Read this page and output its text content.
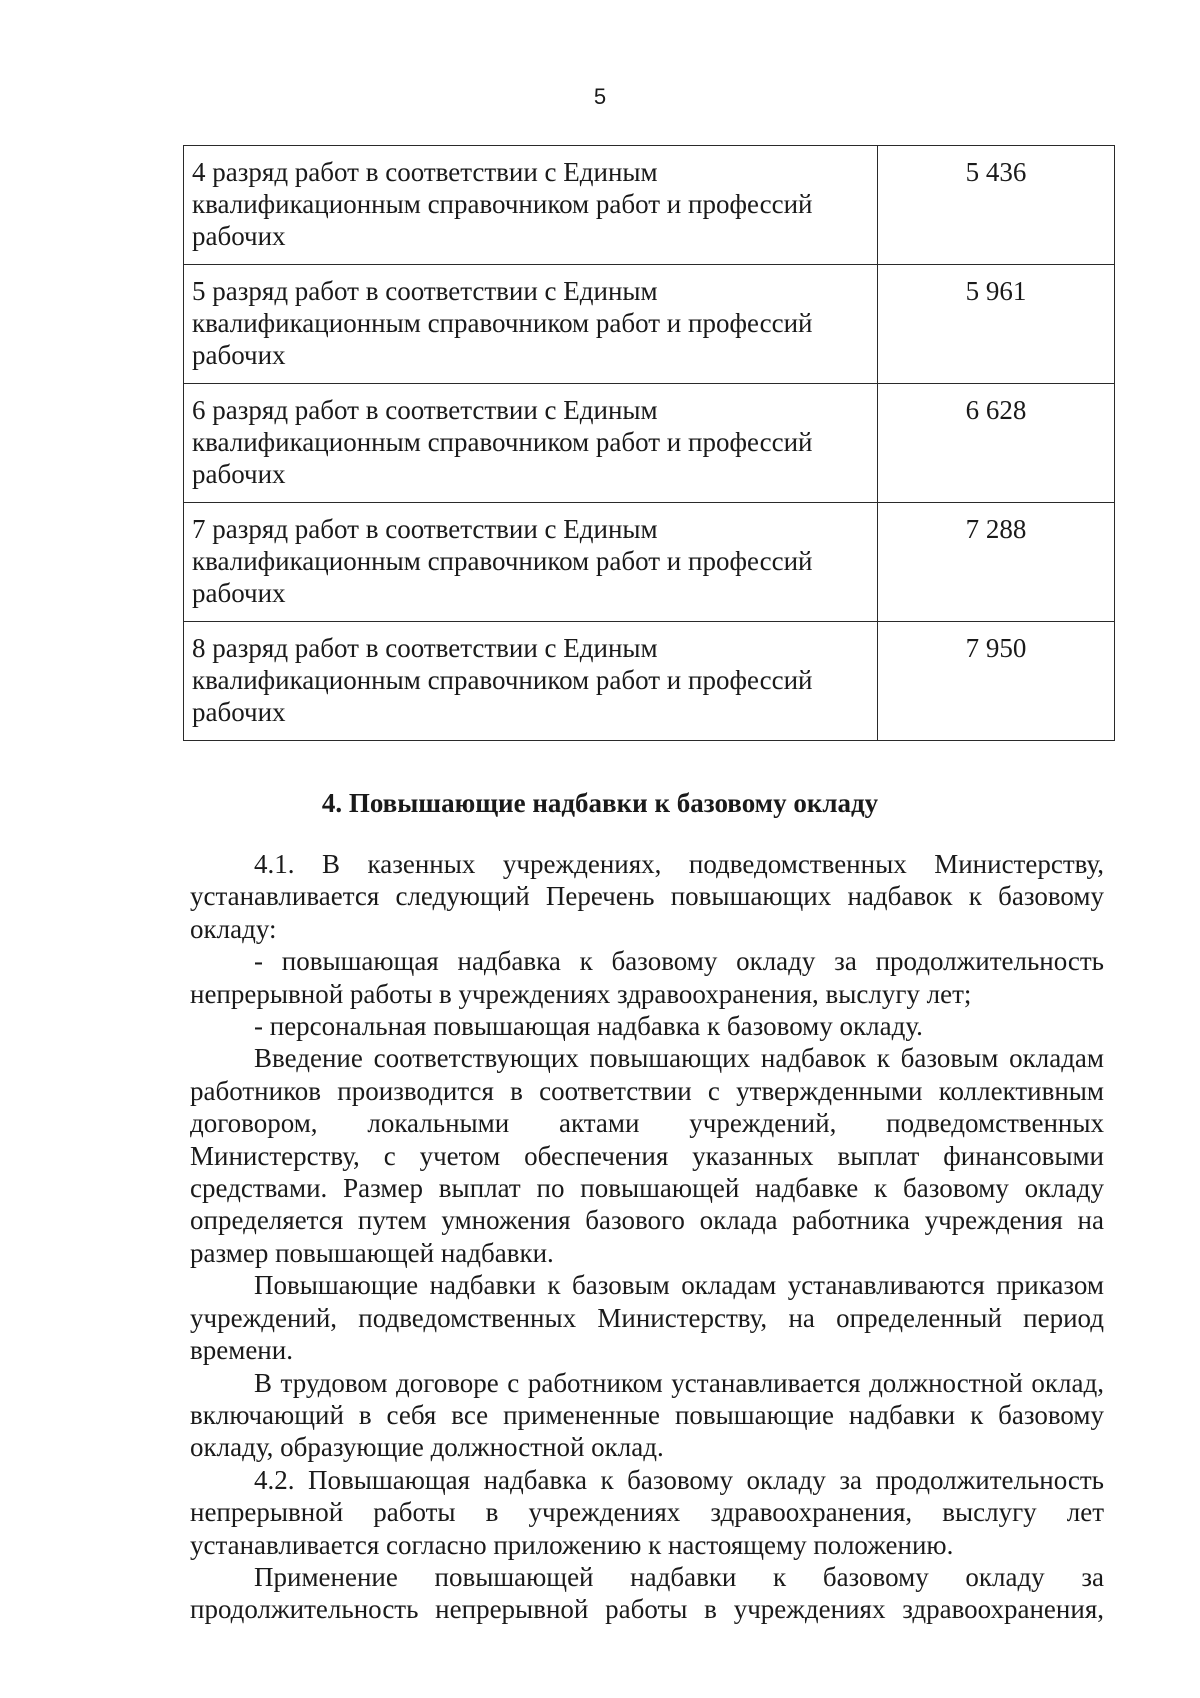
5
4 разряд работ в соответствии с Единым квалификационным справочником работ и профессий рабочих	5 436
5 разряд работ в соответствии с Единым квалификационным справочником работ и профессий рабочих	5 961
6 разряд работ в соответствии с Единым квалификационным справочником работ и профессий рабочих	6 628
7 разряд работ в соответствии с Единым квалификационным справочником работ и профессий рабочих	7 288
8 разряд работ в соответствии с Единым квалификационным справочником работ и профессий рабочих	7 950
4. Повышающие надбавки к базовому окладу

4.1. В казенных учреждениях, подведомственных Министерству, устанавливается следующий Перечень повышающих надбавок к базовому окладу:

- повышающая надбавка к базовому окладу за продолжительность непрерывной работы в учреждениях здравоохранения, выслугу лет;

- персональная повышающая надбавка к базовому окладу.

Введение соответствующих повышающих надбавок к базовым окладам работников производится в соответствии с утвержденными коллективным договором, локальными актами учреждений, подведомственных Министерству, с учетом обеспечения указанных выплат финансовыми средствами. Размер выплат по повышающей надбавке к базовому окладу определяется путем умножения базового оклада работника учреждения на размер повышающей надбавки.

Повышающие надбавки к базовым окладам устанавливаются приказом учреждений, подведомственных Министерству, на определенный период времени.

В трудовом договоре с работником устанавливается должностной оклад, включающий в себя все примененные повышающие надбавки к базовому окладу, образующие должностной оклад.

4.2. Повышающая надбавка к базовому окладу за продолжительность непрерывной работы в учреждениях здравоохранения, выслугу лет устанавливается согласно приложению к настоящему положению.

Применение повышающей надбавки к базовому окладу за продолжительность непрерывной работы в учреждениях здравоохранения,
